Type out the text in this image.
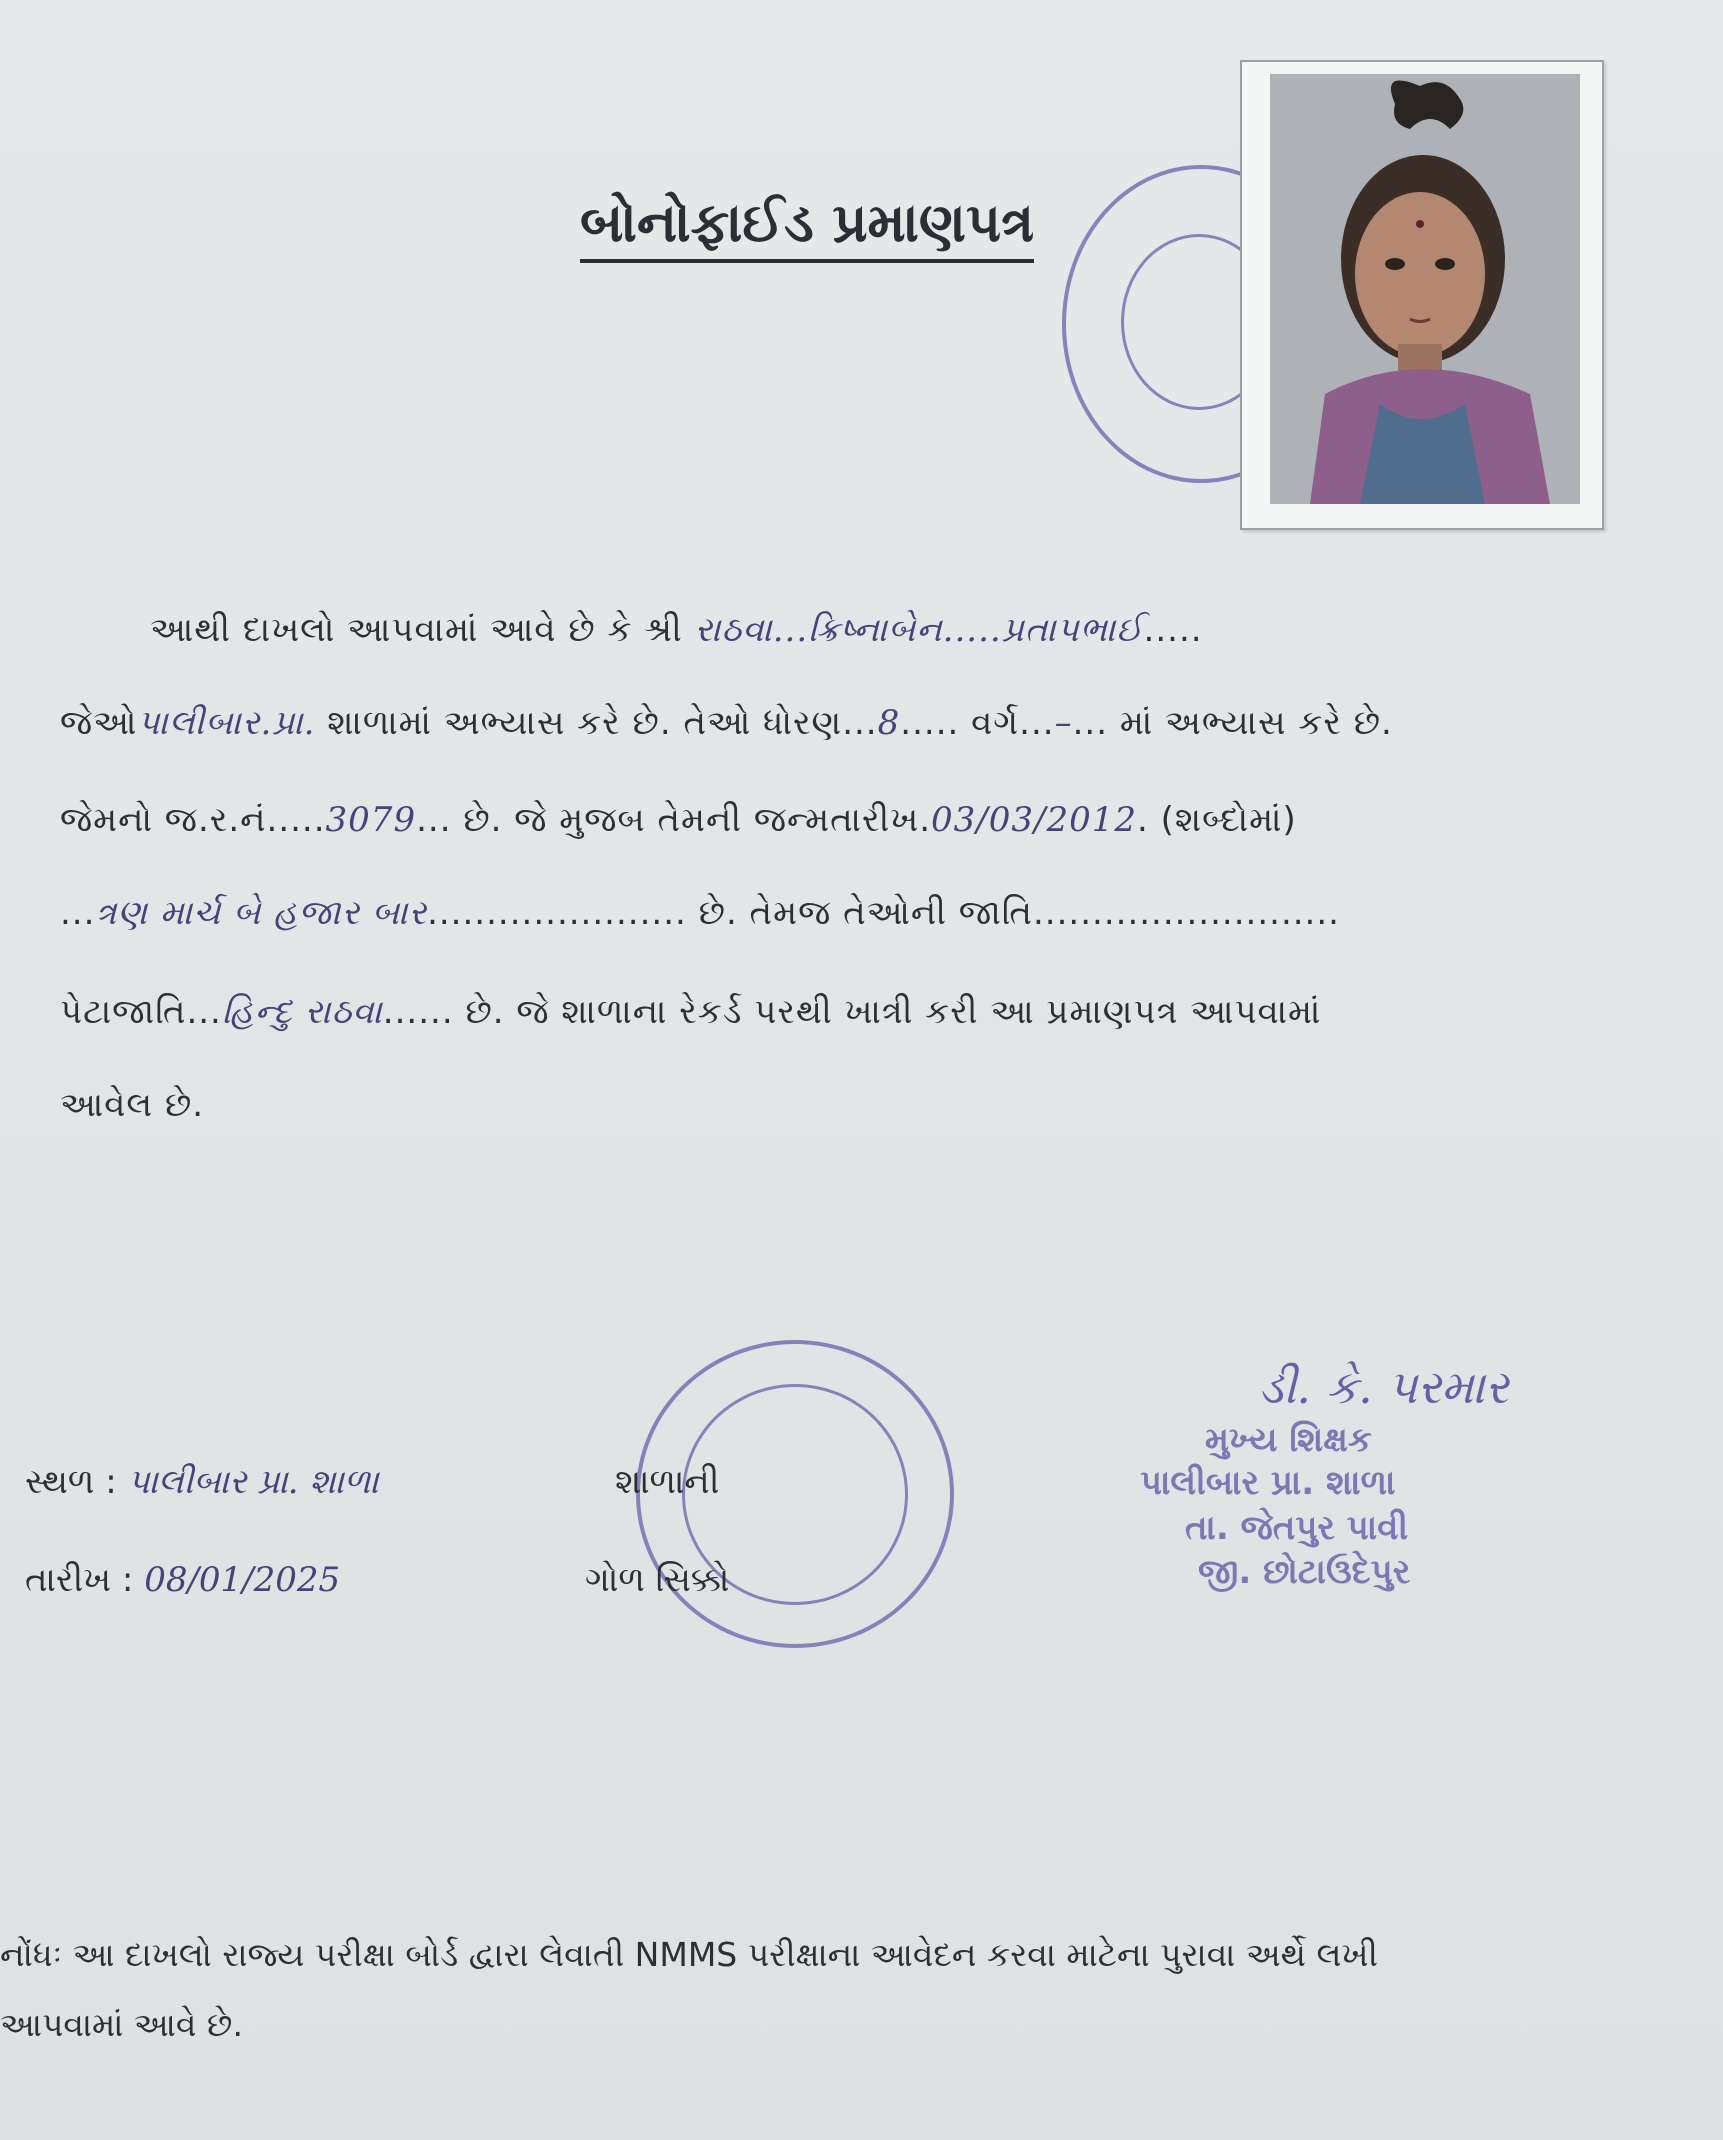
બોનોફાઈડ પ્રમાણપત્ર
આથી દાખલો આપવામાં આવે છે કે શ્રી રાઠવા...ક્રિષ્નાબેન.....પ્રતાપભાઈ.....
જેઓપાલીબાર.પ્રા. શાળામાં અભ્યાસ કરે છે. તેઓ ધોરણ...8..... વર્ગ...–... માં અભ્યાસ કરે છે.
જેમનો જ.ર.નં.....3079... છે. જે મુજબ તેમની જન્મતારીખ.03/03/2012. (શબ્દોમાં)
...ત્રણ માર્ચ બે હજાર બાર...................... છે. તેમજ તેઓની જાતિ..........................
પેટાજાતિ...હિન્દુ રાઠવા...... છે. જે શાળાના રેકર્ડ પરથી ખાત્રી કરી આ પ્રમાણપત્ર આપવામાં
આવેલ છે.
સ્થળ : પાલીબાર પ્રા. શાળા
તારીખ : 08/01/2025
શાળાની
ગોળ સિક્કો
ડી. કે. પરમાર
મુખ્ય શિક્ષક
પાલીબાર પ્રા. શાળા
તા. જેતપુર પાવી
જી. છોટાઉદેપુર
નોંધઃ આ દાખલો રાજ્ય પરીક્ષા બોર્ડ દ્વારા લેવાતી NMMS પરીક્ષાના આવેદન કરવા માટેના પુરાવા અર્થે લખી
આપવામાં આવે છે.
